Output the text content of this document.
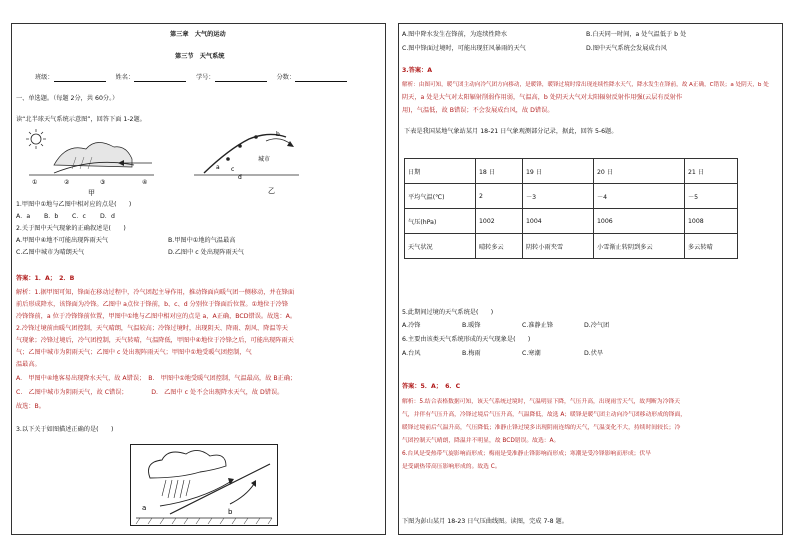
第三章　大气的运动
第三节　天气系统
班级：	姓名：	学号：	分数：
一、单选题。（每题 2分，共 60分。）
读“北半球天气系统示意图”，回答下面 1-2题。
①	②	③	④
甲
a
b
c
d
城市
乙
1.甲图中①地与乙图中相对应的点是(　　)
A．a B．b C．c D．d
2.关于图中天气现象的正确叙述是(　　)
A.甲图中④地不可能出现阵雨天气	B.甲图中①地的气温最高
C.乙图中城市为晴朗天气	D.乙图中 c 处出现阵雨天气
答案：1．A；　2．B
解析：1.据甲图可知，锋面在移动过程中，冷气团起主导作用，推动锋面向暖气团一侧移动，并在锋面
前后形成降水，该锋面为冷锋。乙图中 a点位于锋前，b、c、d 分别位于锋面后位置。①地位于冷锋
冷锋锋前，a 位于冷锋锋前位置，甲图中①地与乙图中相对应的点是 a，A正确，BCD错误。故选：A。
2.冷锋过境前由暖气团控制，天气晴朗，气温较高；冷锋过境时，出现阴天、降雨、刮风、降温等天
气现象；冷锋过境后，冷气团控制，天气转晴，气温降低，甲图中④地位于冷锋之后，可能出现阵雨天
气；乙图中城市为阴雨天气；乙图中 c 处出现阵雨天气；甲图中①地受暖气团控制，气
温最高。
A.　甲图中④地客易出现降水天气，故 A错误；　B.　甲图中①地受暖气团控制，气温最高，故 B正确；
C.　乙图中城市为阴雨天气，故 C错误；　　　　 D.　乙图中 c 处不会出现降水天气，故 D错误。
故选：B。
3.以下关于如图描述正确的是(　　)
a	b
A.图中降水发生在锋前，为连续性降水	B.白天同一时间，a 处气温低于 b 处
C.图中锋面过境时，可能出现狂风暴雨的天气	D.图中天气系统会发展成台风
3.答案：A
解析：由图可知，暖气团主动向冷气团方向移动，是暖锋，暖锋过境时常出现连续性降水天气，降水发生在锋前，故 A正确，C错误；a 处阴天，b 处
阴天，a 处是大气对太阳辐射削弱作用弱，气温高，b 处阴天大气对太阳辐射反射作用强(云层有反射作
用)，气温低，故 B错误；不会发展成台风，故 D错误。
下表是我国某地气象站某月 18-21 日气象观测部分记录，据此，回答 5-6题。
日期	18 日	19 日	20 日	21 日
平均气温(℃)	2	－3	－4	－5
气压(hPa)	1002	1004	1006	1008
天气状况	晴转多云	阴转小雨夹雪	小雪渐止转阴到多云	多云转晴
5.此期间过境的天气系统是(　　)
A.冷锋	B.暖锋	C.准静止锋	D.冷气团
6.主要由该类天气系统形成的天气现象是(　　)
A.台风	B.梅雨	C.寒潮	D.伏旱
答案：5．A；　6．C
解析：5.结合表格数据可知，该天气系统过境时，气温明显下降，气压升高，出现雨雪天气，故判断为冷锋天
气，并伴有气压升高，冷锋过境后气压升高，气温降低，故选 A；暖锋是暖气团主动向冷气团移动形成的锋面，
暖锋过境前后气温升高，气压降低；准静止锋过境多出现阴雨连绵的天气，气温变化不大，持续时间较长；冷
气团控制天气晴朗，降温并不明显，故 BCD错误。故选：A。
6.台风是受热带气旋影响而形成；梅雨是受准静止锋影响而形成；寒潮是受冷锋影响而形成；伏旱
是受副热带高压影响形成的。故选 C。
下图为彭山某月 18-23 日气压曲线图。读图，完成 7-8 题。
